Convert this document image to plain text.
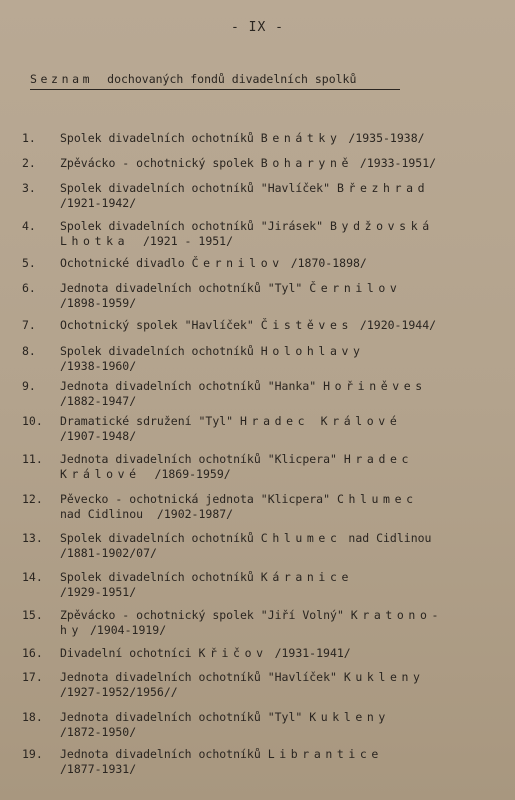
- IX -
Seznam dochovaných fondů divadelních spolků
1. Spolek divadelních ochotníků Benátky /1935-1938/
2. Zpěvácko - ochotnický spolek Boharyně /1933-1951/
3. Spolek divadelních ochotníků "Havlíček" Březhrad
/1921-1942/
4. Spolek divadelních ochotníků "Jirásek" Bydžovská
Lhotka  /1921 - 1951/
5. Ochotnické divadlo Černilov /1870-1898/
6. Jednota divadelních ochotníků "Tyl" Černilov
/1898-1959/
7. Ochotnický spolek "Havlíček" Čistěves /1920-1944/
8. Spolek divadelních ochotníků Holohlavy
/1938-1960/
9. Jednota divadelních ochotníků "Hanka" Hořiněves
/1882-1947/
10. Dramatické sdružení "Tyl" Hradec Králové
/1907-1948/
11. Jednota divadelních ochotníků "Klicpera" Hradec
Králové  /1869-1959/
12. Pěvecko - ochotnická jednota "Klicpera" Chlumec
nad Cidlinou  /1902-1987/
13. Spolek divadelních ochotníků Chlumec nad Cidlinou
/1881-1902/07/
14. Spolek divadelních ochotníků Káranice
/1929-1951/
15. Zpěvácko - ochotnický spolek "Jiří Volný" Kratono-
hy /1904-1919/
16. Divadelní ochotníci Křičov /1931-1941/
17. Jednota divadelních ochotníků "Havlíček" Kukleny
/1927-1952/1956//
18. Jednota divadelních ochotníků "Tyl" Kukleny
/1872-1950/
19. Jednota divadelních ochotníků Librantice
/1877-1931/
